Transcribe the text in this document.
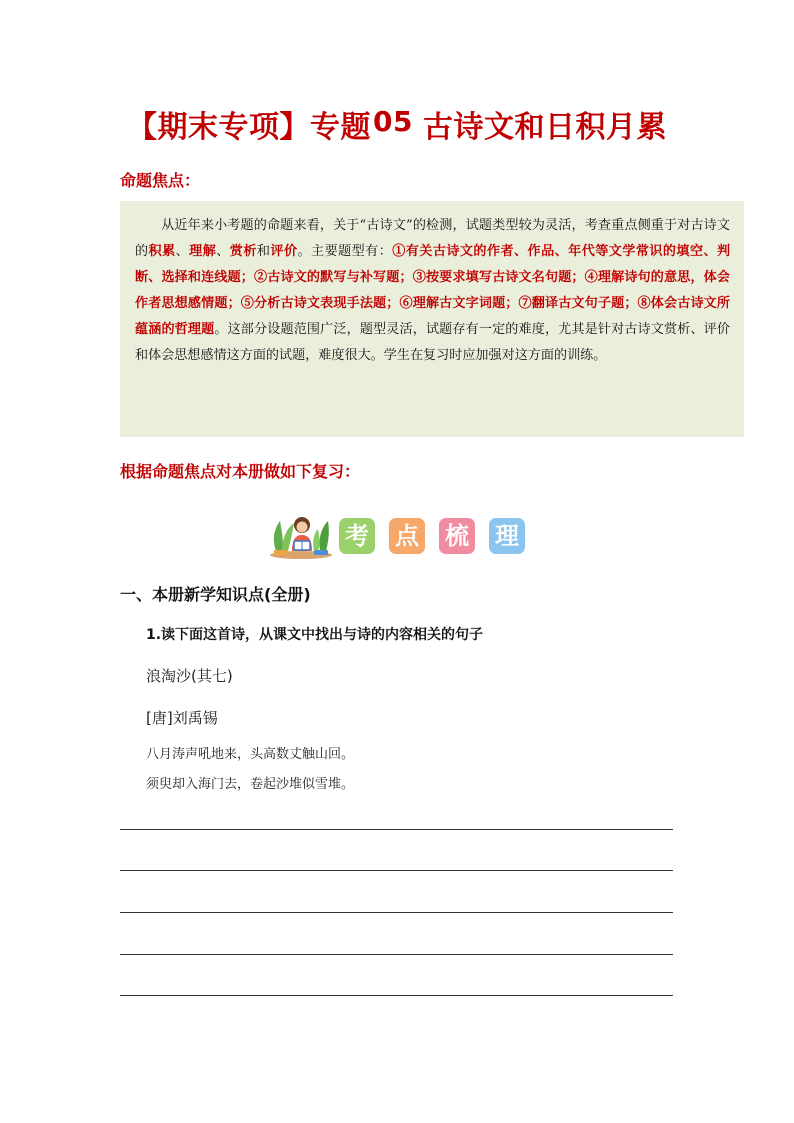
【期末专项】专题05 古诗文和日积月累
命题焦点：

从近年来小考题的命题来看，关于“古诗文”的检测，试题类型较为灵活，考查重点侧重于对古诗文的积累、理解、赏析和评价。主要题型有：①有关古诗文的作者、作品、年代等文学常识的填空、判断、选择和连线题；②古诗文的默写与补写题；③按要求填写古诗文名句题；④理解诗句的意思，体会作者思想感情题；⑤分析古诗文表现手法题；⑥理解古文字词题；⑦翻译古文句子题；⑧体会古诗文所蕴涵的哲理题。这部分设题范围广泛，题型灵活，试题存有一定的难度，尤其是针对古诗文赏析、评价和体会思想感情这方面的试题，难度很大。学生在复习时应加强对这方面的训练。

根据命题焦点对本册做如下复习：
考 点 梳 理
一、本册新学知识点(全册)
1.读下面这首诗，从课文中找出与诗的内容相关的句子
浪淘沙(其七)
[唐]刘禹锡
八月涛声吼地来，头高数丈触山回。
须臾却入海门去，卷起沙堆似雪堆。
